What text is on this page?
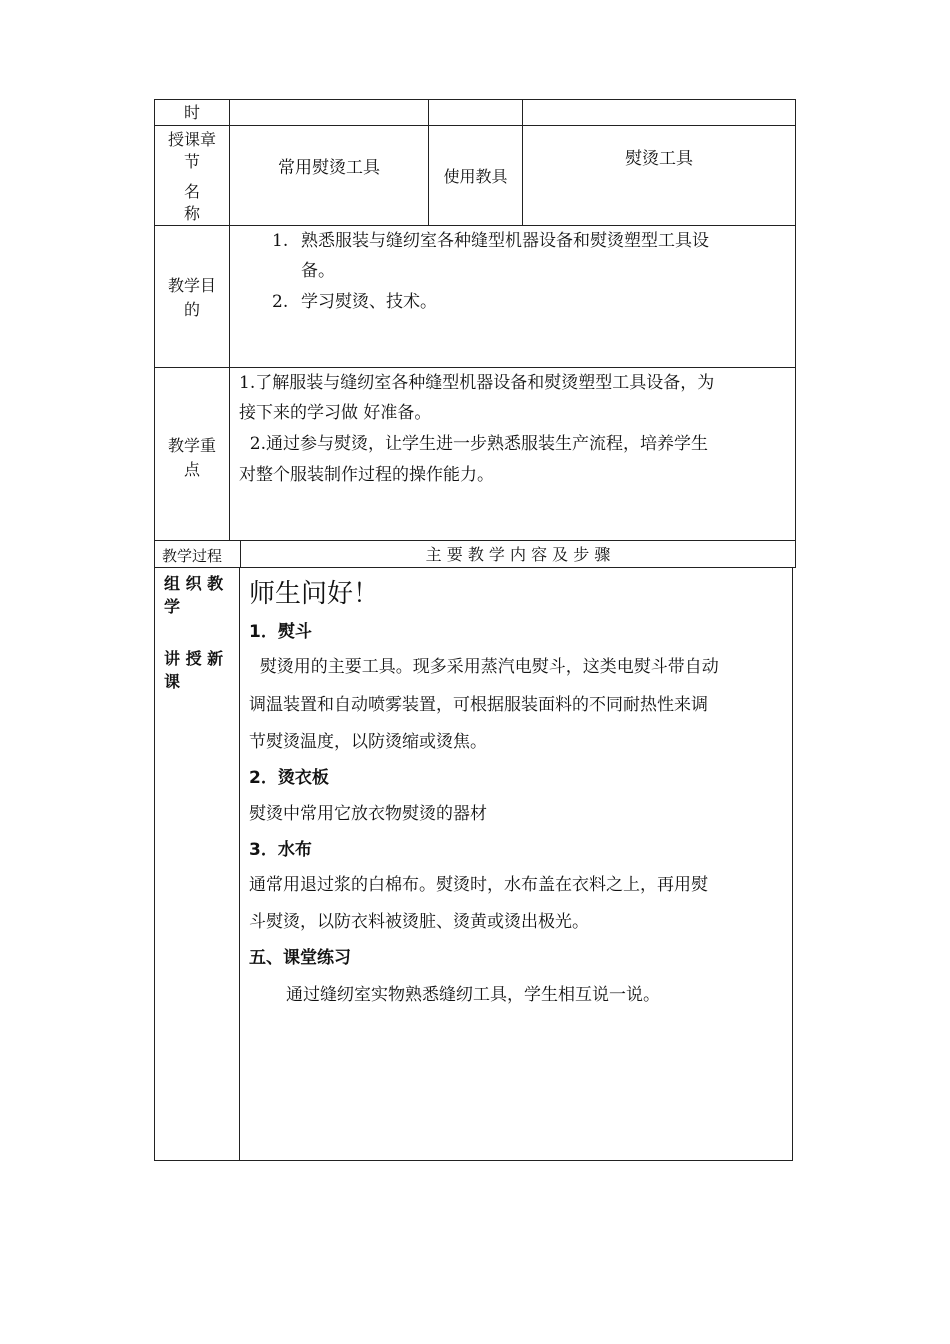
时
授课章
节
名
称
常用熨烫工具	使用教具
熨烫工具
教学目
的
1. 熟悉服装与缝纫室各种缝型机器设备和熨烫塑型工具设
备。
2. 学习熨烫、技术。
教学重
点
1.了解服装与缝纫室各种缝型机器设备和熨烫塑型工具设备，为
接下来的学习做 好准备。
2.通过参与熨烫，让学生进一步熟悉服装生产流程，培养学生
对整个服装制作过程的操作能力。
教学过程	主 要 教 学 内 容 及 步 骤
组 织 教
学
讲 授 新
课
师生问好！
1．熨斗
熨烫用的主要工具。现多采用蒸汽电熨斗，这类电熨斗带自动
调温装置和自动喷雾装置，可根据服装面料的不同耐热性来调
节熨烫温度，以防烫缩或烫焦。
2．烫衣板
熨烫中常用它放衣物熨烫的器材
3．水布
通常用退过浆的白棉布。熨烫时，水布盖在衣料之上，再用熨
斗熨烫，以防衣料被烫脏、烫黄或烫出极光。
五、课堂练习
通过缝纫室实物熟悉缝纫工具，学生相互说一说。
